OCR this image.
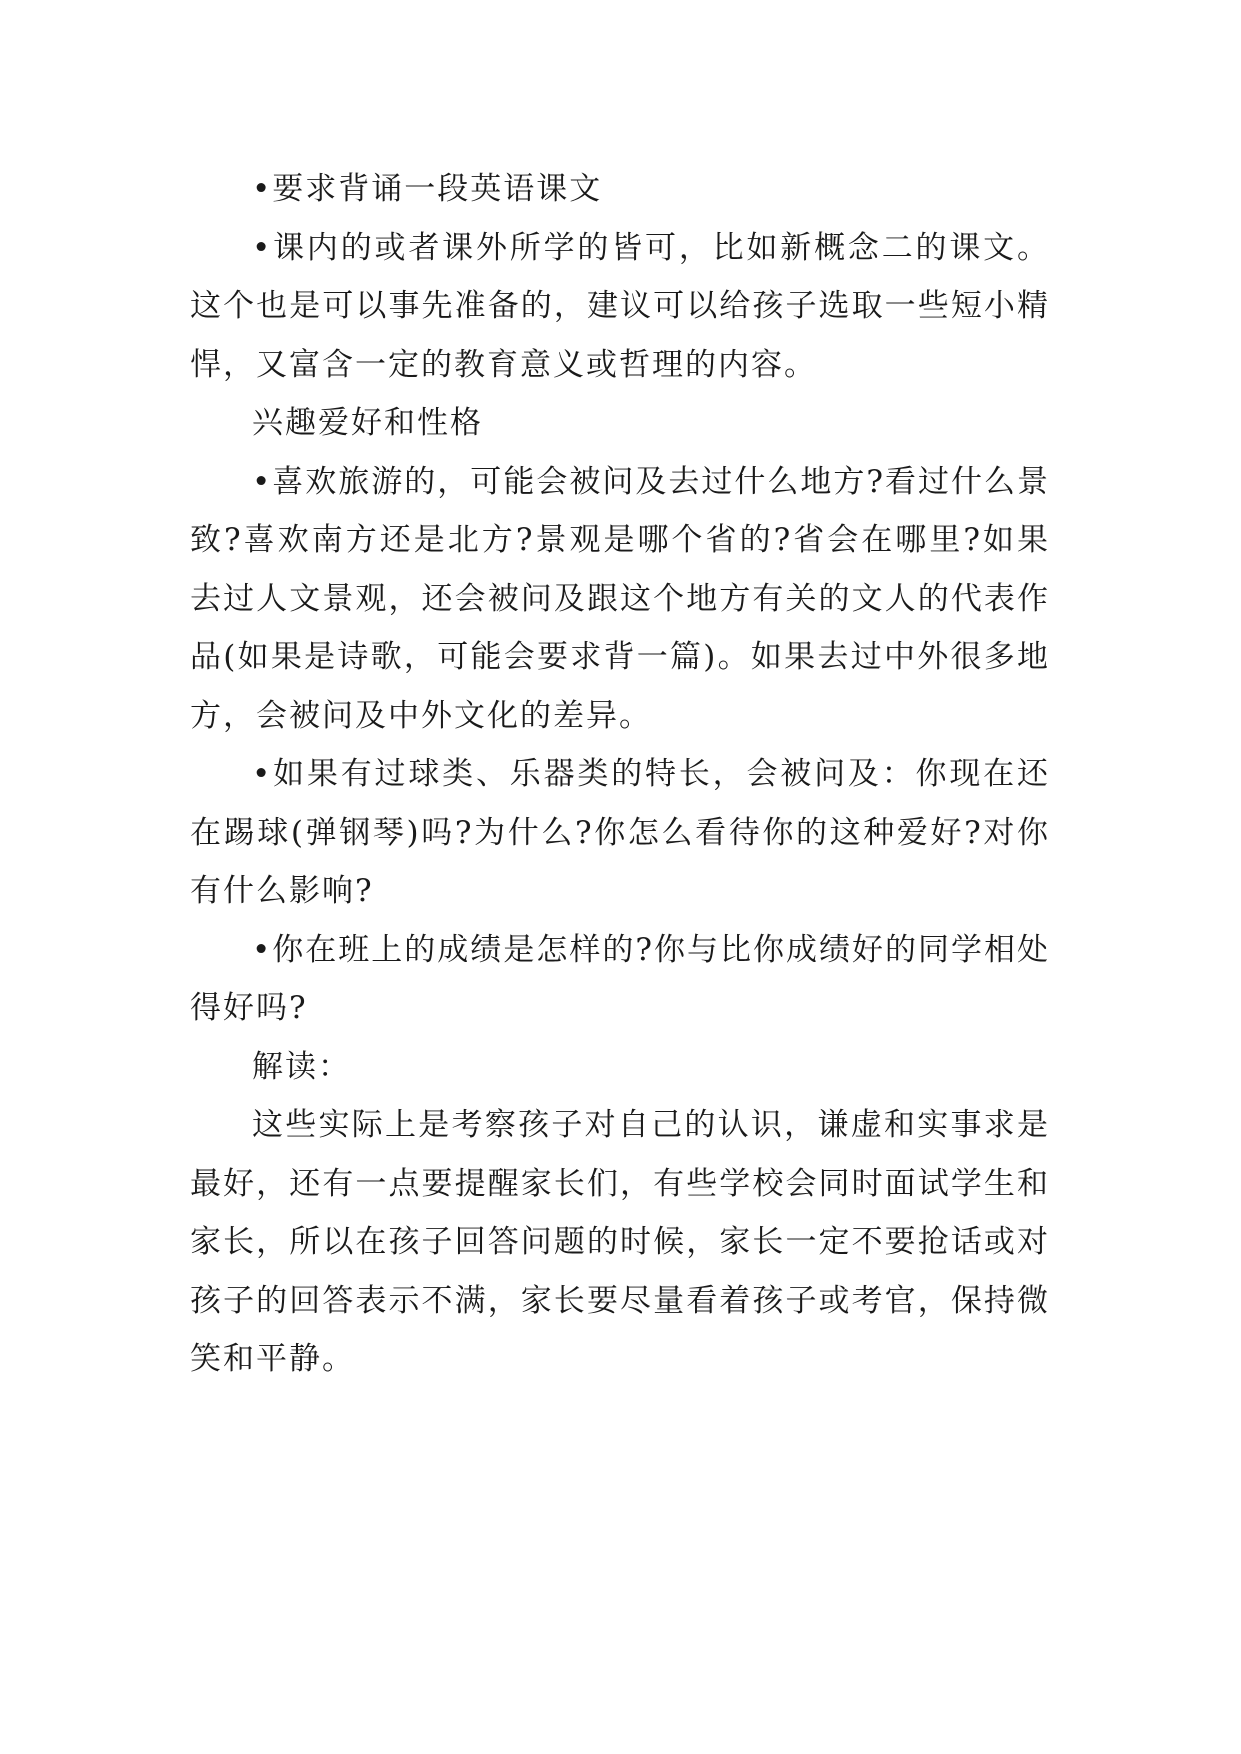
•要求背诵一段英语课文

•课内的或者课外所学的皆可，比如新概念二的课文。这个也是可以事先准备的，建议可以给孩子选取一些短小精悍，又富含一定的教育意义或哲理的内容。

兴趣爱好和性格

•喜欢旅游的，可能会被问及去过什么地方?看过什么景致?喜欢南方还是北方?景观是哪个省的?省会在哪里?如果去过人文景观，还会被问及跟这个地方有关的文人的代表作品(如果是诗歌，可能会要求背一篇)。如果去过中外很多地方，会被问及中外文化的差异。

•如果有过球类、乐器类的特长，会被问及：你现在还在踢球(弹钢琴)吗?为什么?你怎么看待你的这种爱好?对你有什么影响?

•你在班上的成绩是怎样的?你与比你成绩好的同学相处得好吗?

解读：

这些实际上是考察孩子对自己的认识，谦虚和实事求是最好，还有一点要提醒家长们，有些学校会同时面试学生和家长，所以在孩子回答问题的时候，家长一定不要抢话或对孩子的回答表示不满，家长要尽量看着孩子或考官，保持微笑和平静。
